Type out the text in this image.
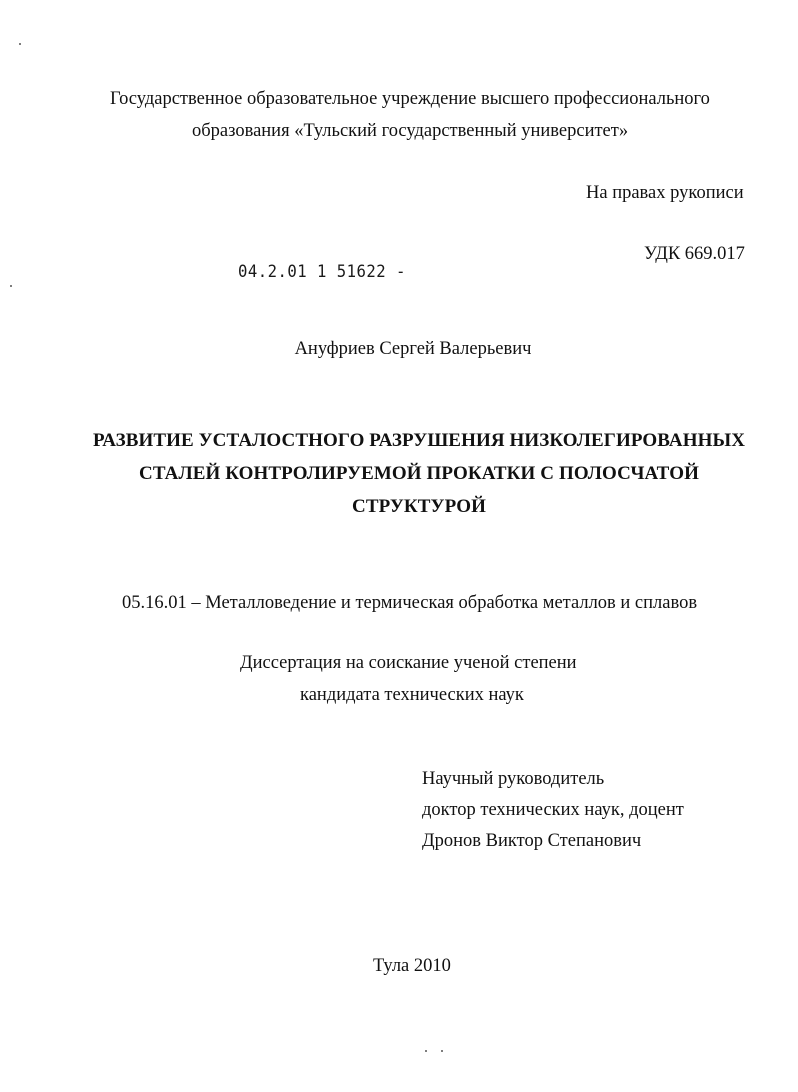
Государственное образовательное учреждение высшего профессионального
образования «Тульский государственный университет»
На правах рукописи
УДК 669.017
04.2.01 1 51622 -
Ануфриев Сергей Валерьевич
РАЗВИТИЕ УСТАЛОСТНОГО РАЗРУШЕНИЯ НИЗКОЛЕГИРОВАННЫХ
СТАЛЕЙ КОНТРОЛИРУЕМОЙ ПРОКАТКИ С ПОЛОСЧАТОЙ
СТРУКТУРОЙ
05.16.01 – Металловедение и термическая обработка металлов и сплавов
Диссертация на соискание ученой степени
кандидата технических наук
Научный руководитель
доктор технических наук, доцент
Дронов Виктор Степанович
Тула 2010
